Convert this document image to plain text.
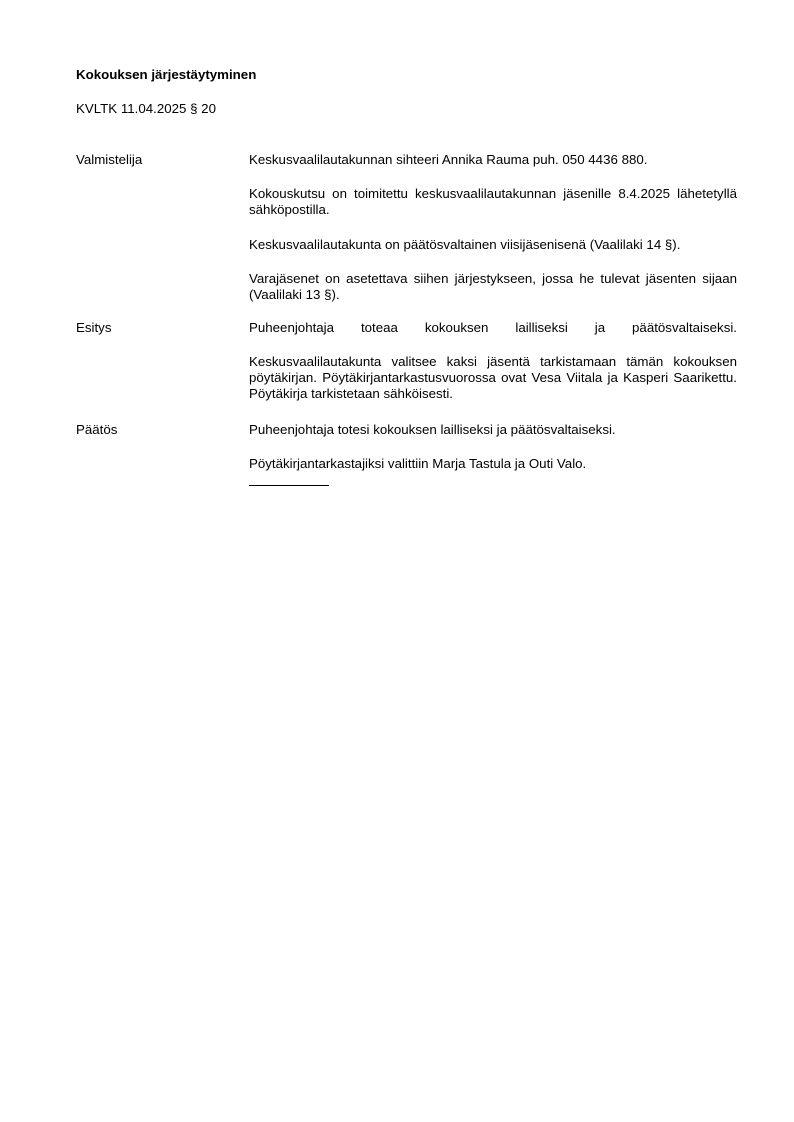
Kokouksen järjestäytyminen

KVLTK 11.04.2025 § 20

Valmistelija	Keskusvaalilautakunnan sihteeri Annika Rauma puh. 050 4436 880.

Kokouskutsu on toimitettu keskusvaalilautakunnan jäsenille 8.4.2025 lähetetyllä sähköpostilla.

Keskusvaalilautakunta on päätösvaltainen viisijäsenisenä (Vaalilaki 14 §).

Varajäsenet on asetettava siihen järjestykseen, jossa he tulevat jäsenten sijaan (Vaalilaki 13 §).

Esitys	Puheenjohtaja toteaa kokouksen lailliseksi ja päätösvaltaiseksi.

Keskusvaalilautakunta valitsee kaksi jäsentä tarkistamaan tämän kokouksen pöytäkirjan. Pöytäkirjantarkastusvuorossa ovat Vesa Viitala ja Kasperi Saarikettu. Pöytäkirja tarkistetaan sähköisesti.

Päätös	Puheenjohtaja totesi kokouksen lailliseksi ja päätösvaltaiseksi.

Pöytäkirjantarkastajiksi valittiin Marja Tastula ja Outi Valo.
